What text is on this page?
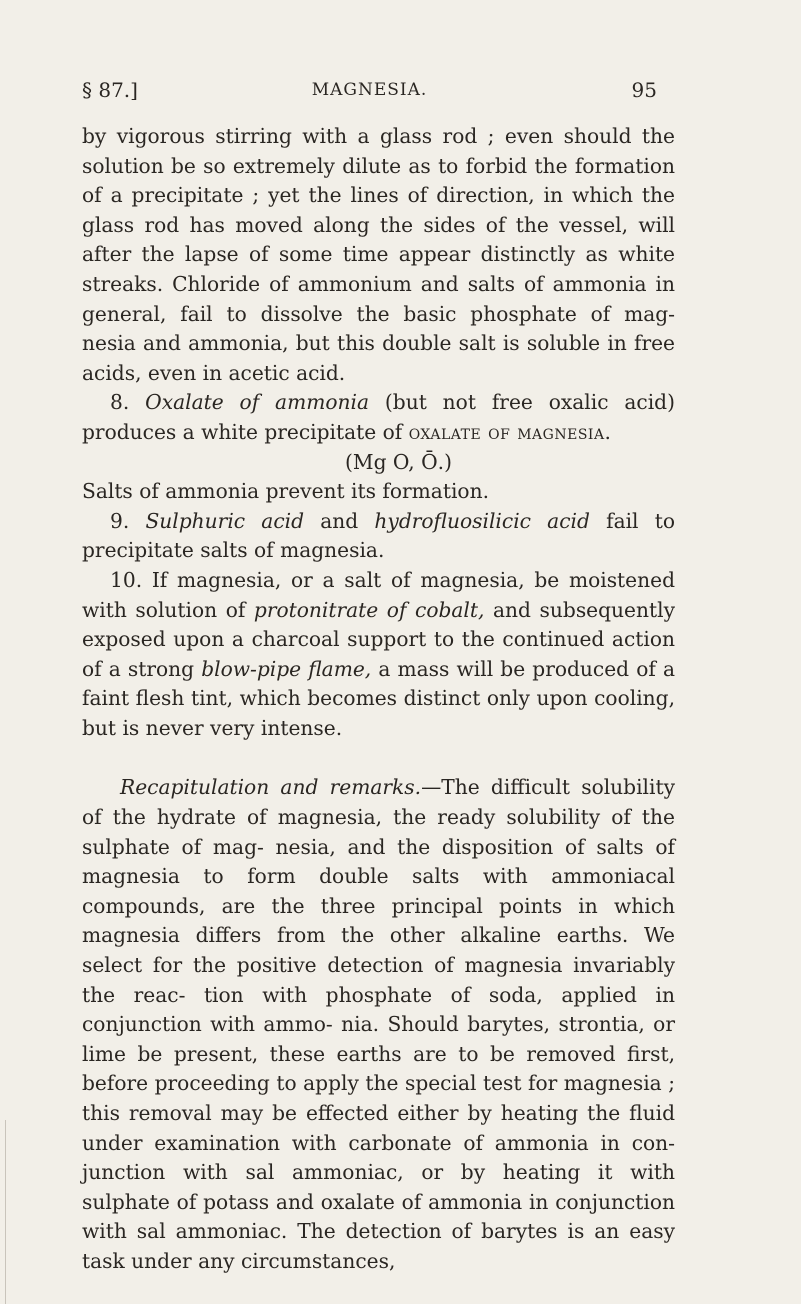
§ 87.]	MAGNESIA.	95

by vigorous stirring with a glass rod ; even should the solution be so extremely dilute as to forbid the formation of a precipitate ; yet the lines of direction, in which the glass rod has moved along the sides of the vessel, will after the lapse of some time appear distinctly as white streaks. Chloride of ammonium and salts of ammonia in general, fail to dissolve the basic phosphate of mag- nesia and ammonia, but this double salt is soluble in free acids, even in acetic acid.

8. Oxalate of ammonia (but not free oxalic acid) produces a white precipitate of oxalate of magnesia.

(Mg O, Ō.)

Salts of ammonia prevent its formation.

9. Sulphuric acid and hydrofluosilicic acid fail to precipitate salts of magnesia.

10. If magnesia, or a salt of magnesia, be moistened with solution of protonitrate of cobalt, and subsequently exposed upon a charcoal support to the continued action of a strong blow-pipe flame, a mass will be produced of a faint flesh tint, which becomes distinct only upon cooling, but is never very intense.

Recapitulation and remarks.—The difficult solubility of the hydrate of magnesia, the ready solubility of the sulphate of mag- nesia, and the disposition of salts of magnesia to form double salts with ammoniacal compounds, are the three principal points in which magnesia differs from the other alkaline earths. We select for the positive detection of magnesia invariably the reac- tion with phosphate of soda, applied in conjunction with ammo- nia. Should barytes, strontia, or lime be present, these earths are to be removed first, before proceeding to apply the special test for magnesia ; this removal may be effected either by heating the fluid under examination with carbonate of ammonia in con- junction with sal ammoniac, or by heating it with sulphate of potass and oxalate of ammonia in conjunction with sal ammoniac. The detection of barytes is an easy task under any circumstances,
